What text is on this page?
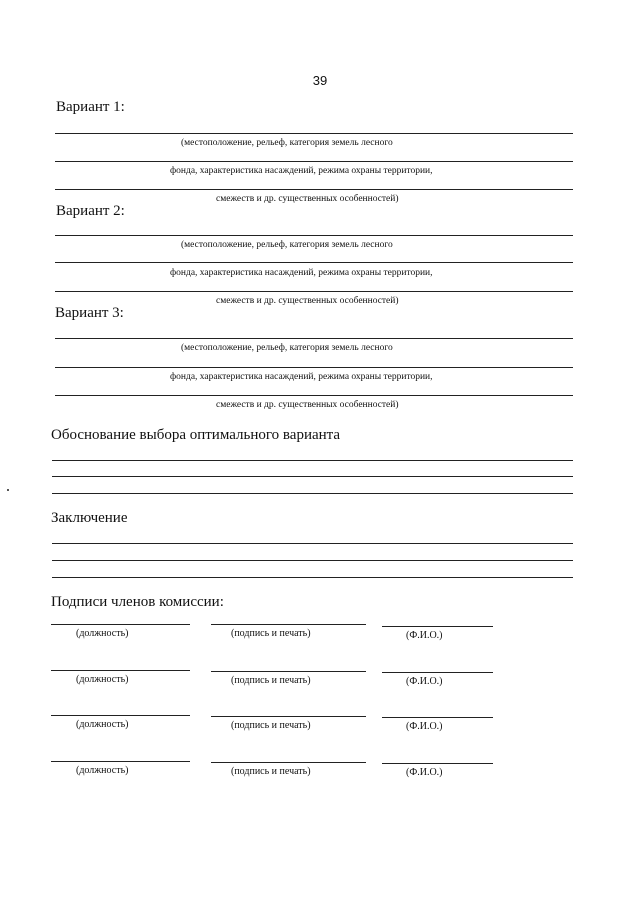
39
Вариант 1:
(местоположение, рельеф, категория земель лесного
фонда, характеристика насаждений, режима охраны территории,
смежеств и др. существенных особенностей)
Вариант 2:
(местоположение, рельеф, категория земель лесного
фонда, характеристика насаждений, режима охраны территории,
смежеств и др. существенных особенностей)
Вариант 3:
(местоположение, рельеф, категория земель лесного
фонда, характеристика насаждений, режима охраны территории,
смежеств и др. существенных особенностей)
Обоснование выбора оптимального варианта
Заключение
Подписи членов комиссии:
(должность)	(подпись и печать)	(Ф.И.О.)
(должность)	(подпись и печать)	(Ф.И.О.)
(должность)	(подпись и печать)	(Ф.И.О.)
(должность)	(подпись и печать)	(Ф.И.О.)
